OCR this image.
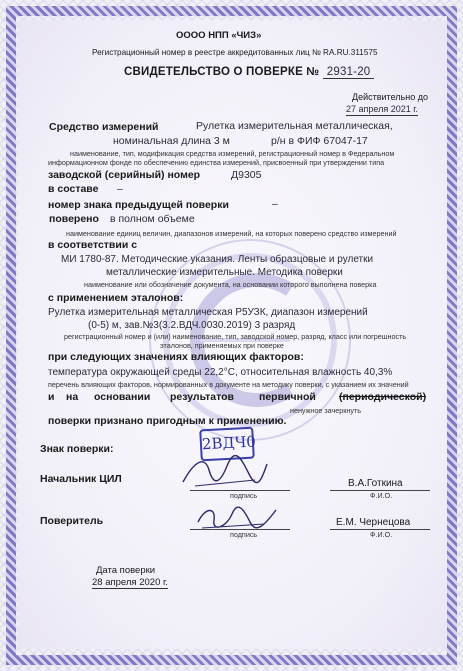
ОООО НПП «ЧИЗ»
Регистрационный номер в реестре аккредитованных лиц № RA.RU.311575
СВИДЕТЕЛЬСТВО О ПОВЕРКЕ № 2931-20
Действительно до
27 апреля 2021 г.
Средство измерений	Рулетка измерительная металлическая,
номинальная длина 3 м	р/н в ФИФ 67047-17
наименование, тип, модификация средства измерений, регистрационный номер в Федеральном
информационном фонде по обеспечению единства измерений, присвоенный при утверждении типа
заводской (серийный) номер	Д9305
в составе –
номер знака предыдущей поверки	–
поверено в полном объеме
наименование единиц величин, диапазонов измерений, на которых поверено средство измерений
в соответствии с
МИ 1780-87. Методические указания. Ленты образцовые и рулетки
металлические измерительные. Методика поверки
наименование или обозначение документа, на основании которого выполнена поверка
с применением эталонов:
Рулетка измерительная металлическая Р5УЗК, диапазон измерений
(0-5) м, зав.№3(3.2.ВДЧ.0030.2019) 3 разряд
регистрационный номер и (или) наименование, тип, заводской номер, разряд, класс или погрешность
эталонов, применяемых при поверке
при следующих значениях влияющих факторов:
температура окружающей среды 22,2°С, относительная влажность 40,3%
перечень влияющих факторов, нормированных в документе на методику поверки, с указанием их значений
и на основании результатов первичной (периодической)
ненужное зачеркнуть
поверки признано пригодным к применению.
Знак поверки:	2ВДЧ0
Начальник ЦИЛ
подпись
В.А.Готкина
Ф.И.О.
Поверитель
подпись
Е.М. Чернецова
Ф.И.О.
Дата поверки
28 апреля 2020 г.
